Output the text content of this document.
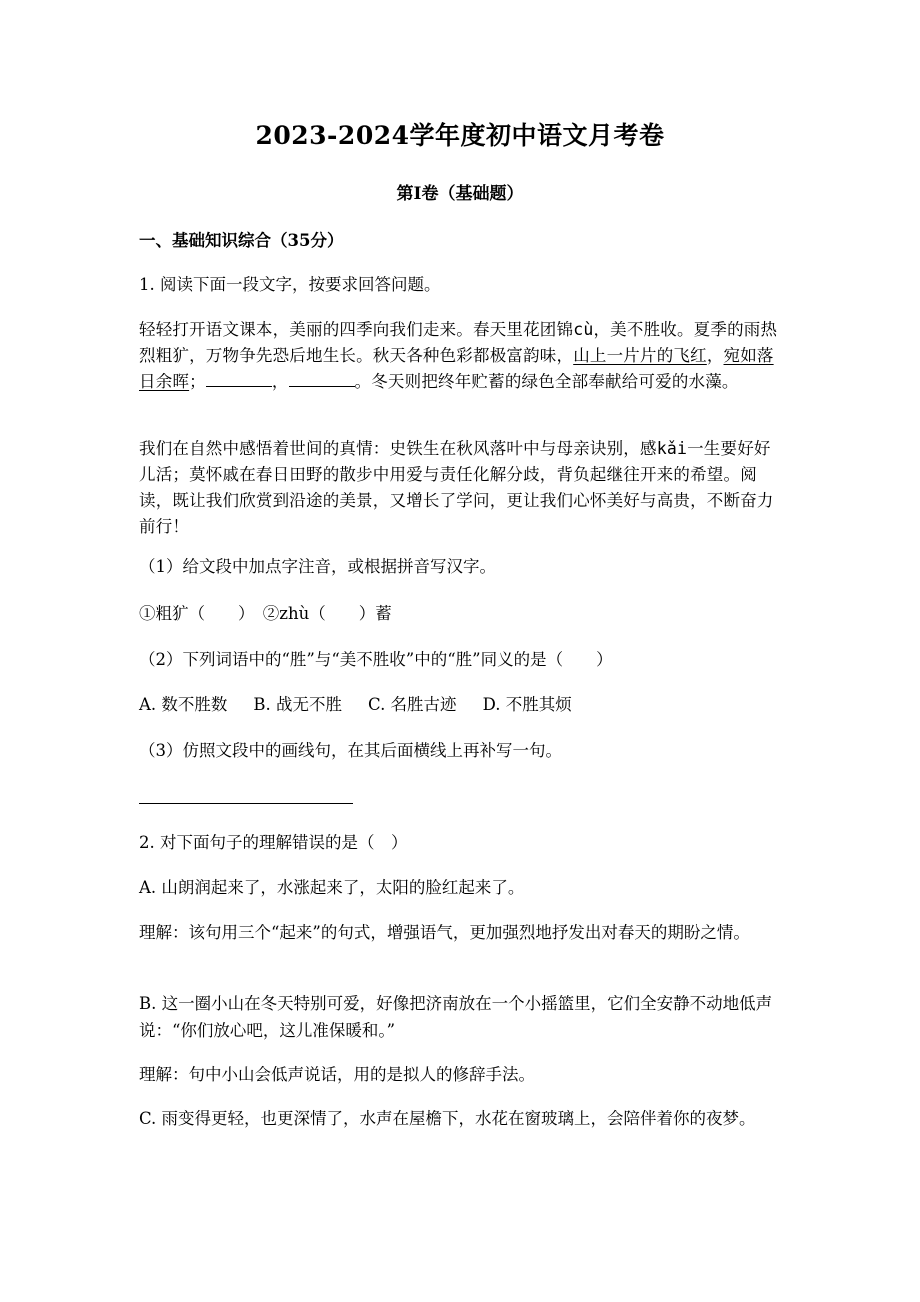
2023-2024学年度初中语文月考卷
第I卷（基础题）
一、基础知识综合（35分）
1. 阅读下面一段文字，按要求回答问题。
轻轻打开语文课本，美丽的四季向我们走来。春天里花团锦cù，美不胜收。夏季的雨热烈粗犷，万物争先恐后地生长。秋天各种色彩都极富韵味，山上一片片的飞红，宛如落日余晖；	，	。冬天则把终年贮蓄的绿色全部奉献给可爱的水藻。
我们在自然中感悟着世间的真情：史铁生在秋风落叶中与母亲诀别，感kǎi一生要好好儿活；莫怀戚在春日田野的散步中用爱与责任化解分歧，背负起继往开来的希望。阅读，既让我们欣赏到沿途的美景，又增长了学问，更让我们心怀美好与高贵，不断奋力前行！
（1）给文段中加点字注音，或根据拼音写汉字。
①粗犷（　　）　②zhù（　　）蓄
（2）下列词语中的“胜”与“美不胜收”中的“胜”同义的是（　　）
A. 数不胜数 B. 战无不胜 C. 名胜古迹 D. 不胜其烦
（3）仿照文段中的画线句，在其后面横线上再补写一句。
2. 对下面句子的理解错误的是（　）
A. 山朗润起来了，水涨起来了，太阳的脸红起来了。
理解：该句用三个“起来”的句式，增强语气，更加强烈地抒发出对春天的期盼之情。
B. 这一圈小山在冬天特别可爱，好像把济南放在一个小摇篮里，它们全安静不动地低声说：“你们放心吧，这儿准保暖和。”
理解：句中小山会低声说话，用的是拟人的修辞手法。
C. 雨变得更轻，也更深情了，水声在屋檐下，水花在窗玻璃上，会陪伴着你的夜梦。
